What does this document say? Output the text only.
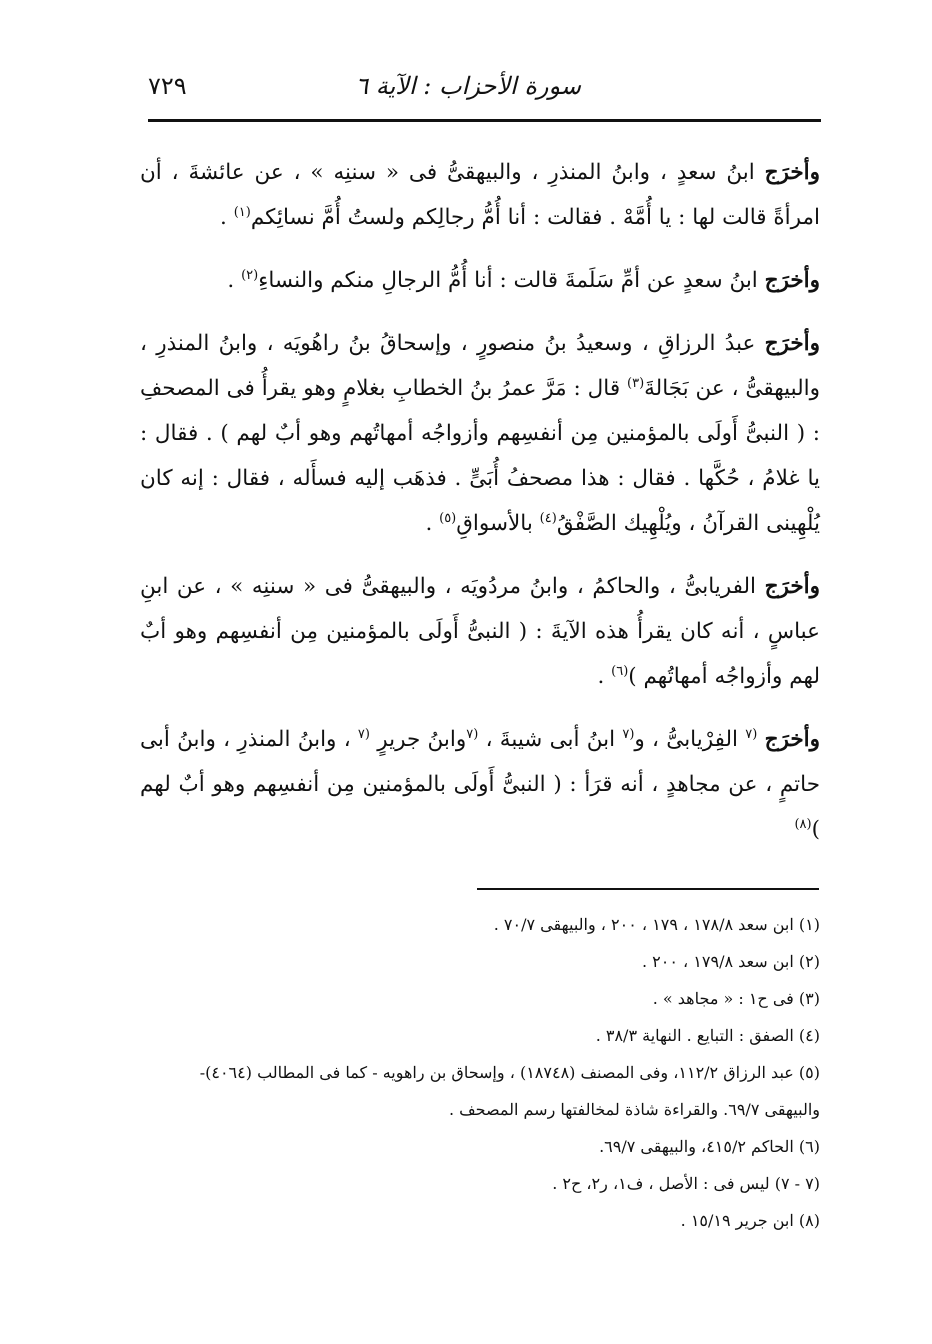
سورة الأحزاب : الآية ٦
٧٢٩

وأخرَج ابنُ سعدٍ ، وابنُ المنذرِ ، والبيهقىُّ فى « سننِه » ، عن عائشةَ ، أن امرأةً قالت لها : يا أُمَّهْ . فقالت : أنا أُمُّ رجالِكم ولستُ أُمَّ نسائِكم$^{(١)}$ .

وأخرَج ابنُ سعدٍ عن أمِّ سَلَمةَ قالت : أنا أُمُّ الرجالِ منكم والنساءِ$^{(٢)}$ .

وأخرَج عبدُ الرزاقِ ، وسعيدُ بنُ منصورٍ ، وإسحاقُ بنُ راهُويَه ، وابنُ المنذرِ ، والبيهقىُّ ، عن بَجَالةَ$^{(٣)}$ قال : مَرَّ عمرُ بنُ الخطابِ بغلامٍ وهو يقرأُ فى المصحفِ : ( النبىُّ أَولَى بالمؤمنين مِن أنفسِهم وأزواجُه أمهاتُهم وهو أبٌ لهم ) . فقال : يا غلامُ ، حُكَّها . فقال : هذا مصحفُ أُبَىٍّ . فذهَب إليه فسأَله ، فقال : إنه كان يُلْهِينى القرآنُ ، ويُلْهِيك الصَّفْقُ$^{(٤)}$ بالأسواقِ$^{(٥)}$ .

وأخرَج الفريابىُّ ، والحاكمُ ، وابنُ مردُويَه ، والبيهقىُّ فى « سننِه » ، عن ابنِ عباسٍ ، أنه كان يقرأُ هذه الآيةَ : ( النبىُّ أَولَى بالمؤمنين مِن أنفسِهم وهو أبٌ لهم وأزواجُه أمهاتُهم )$^{(٦)}$ .

وأخرَج $^{(٧}$ الفِرْيابىُّ ، و$^{(٧}$ ابنُ أبى شيبةَ ، $^{(٧}$وابنُ جريرٍ $^{(٧}$ ، وابنُ المنذرِ ، وابنُ أبى حاتمٍ ، عن مجاهدٍ ، أنه قرَأ : ( النبىُّ أَولَى بالمؤمنين مِن أنفسِهم وهو أبٌ لهم )$^{(٨)}$

(١) ابن سعد ١٧٨/٨ ، ١٧٩ ، ٢٠٠ ، والبيهقى ٧٠/٧ .

(٢) ابن سعد ١٧٩/٨ ، ٢٠٠ .

(٣) فى ح١ : « مجاهد » .

(٤) الصفق : التبايع . النهاية ٣٨/٣ .

(٥) عبد الرزاق ١١٢/٢، وفى المصنف (١٨٧٤٨) ، وإسحاق بن راهويه - كما فى المطالب (٤٠٦٤)- والبيهقى ٦٩/٧. والقراءة شاذة لمخالفتها رسم المصحف .

(٦) الحاكم ٤١٥/٢، والبيهقى ٦٩/٧.

(٧ - ٧) ليس فى : الأصل ، ف١، ر٢، ح٢ .

(٨) ابن جرير ١٥/١٩ .
